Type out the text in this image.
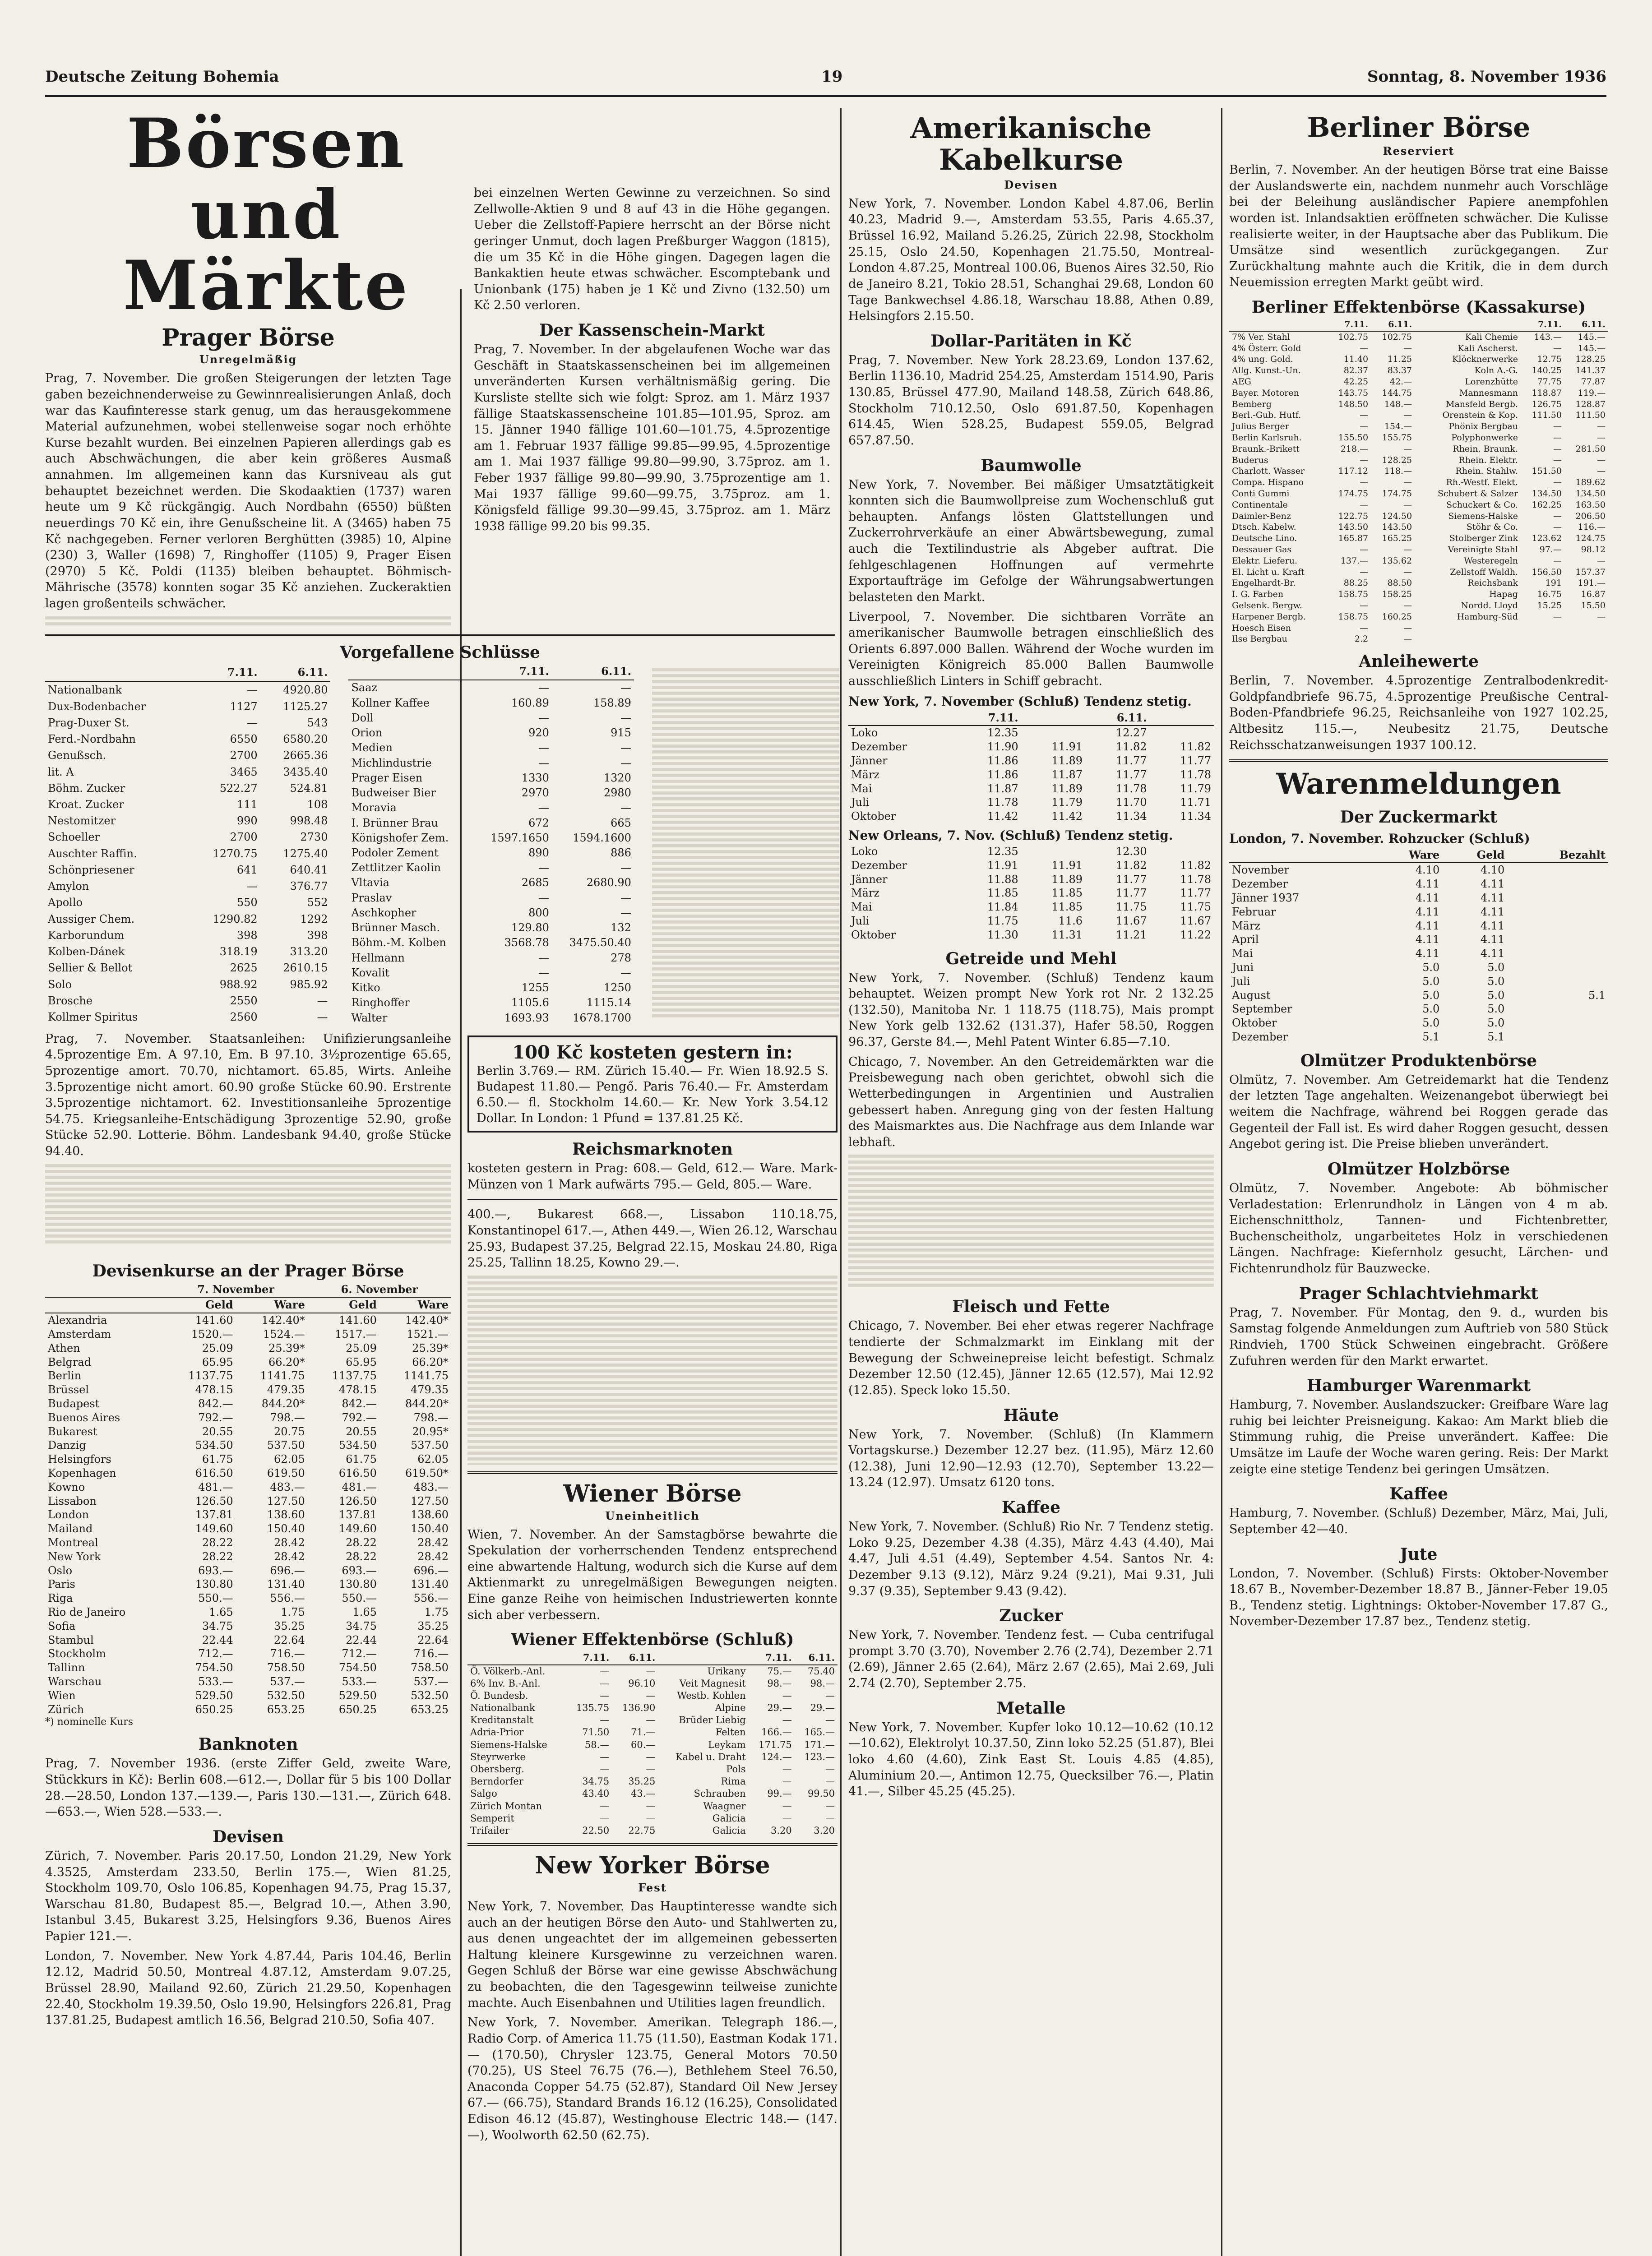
Deutsche Zeitung Bohemia	19	Sonntag, 8. November 1936
Börsen und Märkte
Prager Börse
Unregelmäßig

Prag, 7. November. Die großen Steigerungen der letzten Tage gaben bezeichnenderweise zu Gewinnrealisierungen Anlaß, doch war das Kaufinteresse stark genug, um das herausgekommene Material aufzunehmen, wobei stellenweise sogar noch erhöhte Kurse bezahlt wurden. Bei einzelnen Papieren allerdings gab es auch Abschwächungen, die aber kein größeres Ausmaß annahmen. Im allgemeinen kann das Kursniveau als gut behauptet bezeichnet werden. Die Skodaaktien (1737) waren heute um 9 Kč rückgängig. Auch Nordbahn (6550) büßten neuerdings 70 Kč ein, ihre Genußscheine lit. A (3465) haben 75 Kč nachgegeben. Ferner verloren Berghütten (3985) 10, Alpine (230) 3, Waller (1698) 7, Ringhoffer (1105) 9, Prager Eisen (2970) 5 Kč. Poldi (1135) bleiben behauptet. Böhmisch-Mährische (3578) konnten sogar 35 Kč anziehen. Zuckeraktien lagen großenteils schwächer.

Vorgefallene Schlüsse
	7.11.	6.11.
Nationalbank	—	4920.80
Dux-Bodenbacher	1127	1125.27
Prag-Duxer St.	—	543
Ferd.-Nordbahn	6550	6580.20
Genußsch.	2700	2665.36
lit. A	3465	3435.40
Böhm. Zucker	522.27	524.81
Kroat. Zucker	111	108
Nestomitzer	990	998.48
Schoeller	2700	2730
Auschter Raffin.	1270.75	1275.40
Schönpriesener	641	640.41
Amylon	—	376.77
Apollo	550	552
Aussiger Chem.	1290.82	1292
Karborundum	398	398
Kolben-Dánek	318.19	313.20
Sellier & Bellot	2625	2610.15
Solo	988.92	985.92
Brosche	2550	—
Kollmer Spiritus	2560	—
	7.11.	6.11.
Saaz	—	—
Kollner Kaffee	160.89	158.89
Doll	—	—
Orion	920	915
Medien	—	—
Michlindustrie	—	—
Prager Eisen	1330	1320
Budweiser Bier	2970	2980
Moravia	—	—
I. Brünner Brau	672	665
Königshofer Zem.	1597.1650	1594.1600
Podoler Zement	890	886
Zettlitzer Kaolin	—	—
Vltavia	2685	2680.90
Praslav	—	—
Aschkopher	800	—
Brünner Masch.	129.80	132
Böhm.-M. Kolben	3568.78	3475.50.40
Hellmann	—	278
Kovalit	—	—
Kitko	1255	1250
Ringhoffer	1105.6	1115.14
Walter	1693.93	1678.1700

Prag, 7. November. Staatsanleihen: Unifizierungsanleihe 4.5prozentige Em. A 97.10, Em. B 97.10. 3½prozentige 65.65, 5prozentige amort. 70.70, nichtamort. 65.85, Wirts. Anleihe 3.5prozentige nicht amort. 60.90 große Stücke 60.90. Erstrente 3.5prozentige nichtamort. 62. Investitionsanleihe 5prozentige 54.75. Kriegsanleihe-Entschädigung 3prozentige 52.90, große Stücke 52.90. Lotterie. Böhm. Landesbank 94.40, große Stücke 94.40.

Devisenkurse an der Prager Börse
	7. November		6. November	
	Geld	Ware	Geld	Ware
Alexandria	141.60	142.40*	141.60	142.40*
Amsterdam	1520.—	1524.—	1517.—	1521.—
Athen	25.09	25.39*	25.09	25.39*
Belgrad	65.95	66.20*	65.95	66.20*
Berlin	1137.75	1141.75	1137.75	1141.75
Brüssel	478.15	479.35	478.15	479.35
Budapest	842.—	844.20*	842.—	844.20*
Buenos Aires	792.—	798.—	792.—	798.—
Bukarest	20.55	20.75	20.55	20.95*
Danzig	534.50	537.50	534.50	537.50
Helsingfors	61.75	62.05	61.75	62.05
Kopenhagen	616.50	619.50	616.50	619.50*
Kowno	481.—	483.—	481.—	483.—
Lissabon	126.50	127.50	126.50	127.50
London	137.81	138.60	137.81	138.60
Mailand	149.60	150.40	149.60	150.40
Montreal	28.22	28.42	28.22	28.42
New York	28.22	28.42	28.22	28.42
Oslo	693.—	696.—	693.—	696.—
Paris	130.80	131.40	130.80	131.40
Riga	550.—	556.—	550.—	556.—
Rio de Janeiro	1.65	1.75	1.65	1.75
Sofia	34.75	35.25	34.75	35.25
Stambul	22.44	22.64	22.44	22.64
Stockholm	712.—	716.—	712.—	716.—
Tallinn	754.50	758.50	754.50	758.50
Warschau	533.—	537.—	533.—	537.—
Wien	529.50	532.50	529.50	532.50
Zürich	650.25	653.25	650.25	653.25
*) nominelle Kurs
Banknoten

Prag, 7. November 1936. (erste Ziffer Geld, zweite Ware, Stückkurs in Kč): Berlin 608.—612.—, Dollar für 5 bis 100 Dollar 28.—28.50, London 137.—139.—, Paris 130.—131.—, Zürich 648.—653.—, Wien 528.—533.—.

Devisen

Zürich, 7. November. Paris 20.17.50, London 21.29, New York 4.3525, Amsterdam 233.50, Berlin 175.—, Wien 81.25, Stockholm 109.70, Oslo 106.85, Kopenhagen 94.75, Prag 15.37, Warschau 81.80, Budapest 85.—, Belgrad 10.—, Athen 3.90, Istanbul 3.45, Bukarest 3.25, Helsingfors 9.36, Buenos Aires Papier 121.—.

London, 7. November. New York 4.87.44, Paris 104.46, Berlin 12.12, Madrid 50.50, Montreal 4.87.12, Amsterdam 9.07.25, Brüssel 28.90, Mailand 92.60, Zürich 21.29.50, Kopenhagen 22.40, Stockholm 19.39.50, Oslo 19.90, Helsingfors 226.81, Prag 137.81.25, Budapest amtlich 16.56, Belgrad 210.50, Sofia 407.

100 Kč kosteten gestern in:
Berlin 3.769.— RM. Zürich 15.40.— Fr. Wien 18.92.5 S. Budapest 11.80.— Pengő. Paris 76.40.— Fr. Amsterdam 6.50.— fl. Stockholm 14.60.— Kr. New York 3.54.12 Dollar. In London: 1 Pfund = 137.81.25 Kč.
Reichsmarknoten

kosteten gestern in Prag: 608.— Geld, 612.— Ware. Mark-Münzen von 1 Mark aufwärts 795.— Geld, 805.— Ware.

400.—, Bukarest 668.—, Lissabon 110.18.75, Konstantinopel 617.—, Athen 449.—, Wien 26.12, Warschau 25.93, Budapest 37.25, Belgrad 22.15, Moskau 24.80, Riga 25.25, Tallinn 18.25, Kowno 29.—.

Wiener Börse
Uneinheitlich

Wien, 7. November. An der Samstagbörse bewahrte die Spekulation der vorherrschenden Tendenz entsprechend eine abwartende Haltung, wodurch sich die Kurse auf dem Aktienmarkt zu unregelmäßigen Bewegungen neigten. Eine ganze Reihe von heimischen Industriewerten konnte sich aber verbessern.

Wiener Effektenbörse (Schluß)
	7.11.	6.11.		7.11.	6.11.
Ö. Völkerb.-Anl.	—	—	Urikany	75.—	75.40
6% Inv. B.-Anl.	—	96.10	Veit Magnesit	98.—	98.—
Ö. Bundesb.	—	—	Westb. Kohlen	—	—
Nationalbank	135.75	136.90	Alpine	29.—	29.—
Kreditanstalt	—	—	Brüder Liebig	—	—
Adria-Prior	71.50	71.—	Felten	166.—	165.—
Siemens-Halske	58.—	60.—	Leykam	171.75	171.—
Steyrwerke	—	—	Kabel u. Draht	124.—	123.—
Obersberg.	—	—	Pols	—	—
Berndorfer	34.75	35.25	Rima	—	—
Salgo	43.40	43.—	Schrauben	99.—	99.50
Zürich Montan	—	—	Waagner	—	—
Semperit	—	—	Galicia	—	—
Trifailer	22.50	22.75	Galicia	3.20	3.20
New Yorker Börse
Fest

New York, 7. November. Das Hauptinteresse wandte sich auch an der heutigen Börse den Auto- und Stahlwerten zu, aus denen ungeachtet der im allgemeinen gebesserten Haltung kleinere Kursgewinne zu verzeichnen waren. Gegen Schluß der Börse war eine gewisse Abschwächung zu beobachten, die den Tagesgewinn teilweise zunichte machte. Auch Eisenbahnen und Utilities lagen freundlich.

New York, 7. November. Amerikan. Telegraph 186.—, Radio Corp. of America 11.75 (11.50), Eastman Kodak 171.— (170.50), Chrysler 123.75, General Motors 70.50 (70.25), US Steel 76.75 (76.—), Bethlehem Steel 76.50, Anaconda Copper 54.75 (52.87), Standard Oil New Jersey 67.— (66.75), Standard Brands 16.12 (16.25), Consolidated Edison 46.12 (45.87), Westinghouse Electric 148.— (147.—), Woolworth 62.50 (62.75).

bei einzelnen Werten Gewinne zu verzeichnen. So sind Zellwolle-Aktien 9 und 8 auf 43 in die Höhe gegangen. Ueber die Zellstoff-Papiere herrscht an der Börse nicht geringer Unmut, doch lagen Preßburger Waggon (1815), die um 35 Kč in die Höhe gingen. Dagegen lagen die Bankaktien heute etwas schwächer. Escomptebank und Unionbank (175) haben je 1 Kč und Zivno (132.50) um Kč 2.50 verloren.

Der Kassenschein-Markt

Prag, 7. November. In der abgelaufenen Woche war das Geschäft in Staatskassenscheinen bei im allgemeinen unveränderten Kursen verhältnismäßig gering. Die Kursliste stellte sich wie folgt: Sproz. am 1. März 1937 fällige Staatskassenscheine 101.85—101.95, Sproz. am 15. Jänner 1940 fällige 101.60—101.75, 4.5prozentige am 1. Februar 1937 fällige 99.85—99.95, 4.5prozentige am 1. Mai 1937 fällige 99.80—99.90, 3.75proz. am 1. Feber 1937 fällige 99.80—99.90, 3.75prozentige am 1. Mai 1937 fällige 99.60—99.75, 3.75proz. am 1. Königsfeld fällige 99.30—99.45, 3.75proz. am 1. März 1938 fällige 99.20 bis 99.35.

Amerikanische Kabelkurse
Devisen

New York, 7. November. London Kabel 4.87.06, Berlin 40.23, Madrid 9.—, Amsterdam 53.55, Paris 4.65.37, Brüssel 16.92, Mailand 5.26.25, Zürich 22.98, Stockholm 25.15, Oslo 24.50, Kopenhagen 21.75.50, Montreal-London 4.87.25, Montreal 100.06, Buenos Aires 32.50, Rio de Janeiro 8.21, Tokio 28.51, Schanghai 29.68, London 60 Tage Bankwechsel 4.86.18, Warschau 18.88, Athen 0.89, Helsingfors 2.15.50.

Dollar-Paritäten in Kč

Prag, 7. November. New York 28.23.69, London 137.62, Berlin 1136.10, Madrid 254.25, Amsterdam 1514.90, Paris 130.85, Brüssel 477.90, Mailand 148.58, Zürich 648.86, Stockholm 710.12.50, Oslo 691.87.50, Kopenhagen 614.45, Wien 528.25, Budapest 559.05, Belgrad 657.87.50.

Baumwolle

New York, 7. November. Bei mäßiger Umsatztätigkeit konnten sich die Baumwollpreise zum Wochenschluß gut behaupten. Anfangs lösten Glattstellungen und Zuckerrohrverkäufe an einer Abwärtsbewegung, zumal auch die Textilindustrie als Abgeber auftrat. Die fehlgeschlagenen Hoffnungen auf vermehrte Exportaufträge im Gefolge der Währungsabwertungen belasteten den Markt.

Liverpool, 7. November. Die sichtbaren Vorräte an amerikanischer Baumwolle betragen einschließlich des Orients 6.897.000 Ballen. Während der Woche wurden im Vereinigten Königreich 85.000 Ballen Baumwolle ausschließlich Linters in Schiff gebracht.

New York, 7. November (Schluß) Tendenz stetig.
	7.11.		6.11.	
Loko	12.35		12.27	
Dezember	11.90	11.91	11.82	11.82
Jänner	11.86	11.89	11.77	11.77
März	11.86	11.87	11.77	11.78
Mai	11.87	11.89	11.78	11.79
Juli	11.78	11.79	11.70	11.71
Oktober	11.42	11.42	11.34	11.34
New Orleans, 7. Nov. (Schluß) Tendenz stetig.
Loko	12.35		12.30	
Dezember	11.91	11.91	11.82	11.82
Jänner	11.88	11.89	11.77	11.78
März	11.85	11.85	11.77	11.77
Mai	11.84	11.85	11.75	11.75
Juli	11.75	11.6	11.67	11.67
Oktober	11.30	11.31	11.21	11.22
Getreide und Mehl

New York, 7. November. (Schluß) Tendenz kaum behauptet. Weizen prompt New York rot Nr. 2 132.25 (132.50), Manitoba Nr. 1 118.75 (118.75), Mais prompt New York gelb 132.62 (131.37), Hafer 58.50, Roggen 96.37, Gerste 84.—, Mehl Patent Winter 6.85—7.10.

Chicago, 7. November. An den Getreidemärkten war die Preisbewegung nach oben gerichtet, obwohl sich die Wetterbedingungen in Argentinien und Australien gebessert haben. Anregung ging von der festen Haltung des Maismarktes aus. Die Nachfrage aus dem Inlande war lebhaft.

Fleisch und Fette

Chicago, 7. November. Bei eher etwas regerer Nachfrage tendierte der Schmalzmarkt im Einklang mit der Bewegung der Schweinepreise leicht befestigt. Schmalz Dezember 12.50 (12.45), Jänner 12.65 (12.57), Mai 12.92 (12.85). Speck loko 15.50.

Häute

New York, 7. November. (Schluß) (In Klammern Vortagskurse.) Dezember 12.27 bez. (11.95), März 12.60 (12.38), Juni 12.90—12.93 (12.70), September 13.22—13.24 (12.97). Umsatz 6120 tons.

Kaffee

New York, 7. November. (Schluß) Rio Nr. 7 Tendenz stetig. Loko 9.25, Dezember 4.38 (4.35), März 4.43 (4.40), Mai 4.47, Juli 4.51 (4.49), September 4.54. Santos Nr. 4: Dezember 9.13 (9.12), März 9.24 (9.21), Mai 9.31, Juli 9.37 (9.35), September 9.43 (9.42).

Zucker

New York, 7. November. Tendenz fest. — Cuba centrifugal prompt 3.70 (3.70), November 2.76 (2.74), Dezember 2.71 (2.69), Jänner 2.65 (2.64), März 2.67 (2.65), Mai 2.69, Juli 2.74 (2.70), September 2.75.

Metalle

New York, 7. November. Kupfer loko 10.12—10.62 (10.12—10.62), Elektrolyt 10.37.50, Zinn loko 52.25 (51.87), Blei loko 4.60 (4.60), Zink East St. Louis 4.85 (4.85), Aluminium 20.—, Antimon 12.75, Quecksilber 76.—, Platin 41.—, Silber 45.25 (45.25).

Berliner Börse
Reserviert

Berlin, 7. November. An der heutigen Börse trat eine Baisse der Auslandswerte ein, nachdem nunmehr auch Vorschläge bei der Beleihung ausländischer Papiere anempfohlen worden ist. Inlandsaktien eröffneten schwächer. Die Kulisse realisierte weiter, in der Hauptsache aber das Publikum. Die Umsätze sind wesentlich zurückgegangen. Zur Zurückhaltung mahnte auch die Kritik, die in dem durch Neuemission erregten Markt geübt wird.

Berliner Effektenbörse (Kassakurse)
	7.11.	6.11.		7.11.	6.11.
7% Ver. Stahl	102.75	102.75	Kali Chemie	143.—	145.—
4% Österr. Gold	—	—	Kali Ascherst.	—	145.—
4% ung. Gold.	11.40	11.25	Klöcknerwerke	12.75	128.25
Allg. Kunst.-Un.	82.37	83.37	Koln A.-G.	140.25	141.37
AEG	42.25	42.—	Lorenzhütte	77.75	77.87
Bayer. Motoren	143.75	144.75	Mannesmann	118.87	119.—
Bemberg	148.50	148.—	Mansfeld Bergb.	126.75	128.87
Berl.-Gub. Hutf.	—	—	Orenstein & Kop.	111.50	111.50
Julius Berger	—	154.—	Phönix Bergbau	—	—
Berlin Karlsruh.	155.50	155.75	Polyphonwerke	—	—
Braunk.-Brikett	218.—	—	Rhein. Braunk.	—	281.50
Buderus	—	128.25	Rhein. Elektr.	—	—
Charlott. Wasser	117.12	118.—	Rhein. Stahlw.	151.50	—
Compa. Hispano	—	—	Rh.-Westf. Elekt.	—	189.62
Conti Gummi	174.75	174.75	Schubert & Salzer	134.50	134.50
Continentale	—	—	Schuckert & Co.	162.25	163.50
Daimler-Benz	122.75	124.50	Siemens-Halske	—	206.50
Dtsch. Kabelw.	143.50	143.50	Stöhr & Co.	—	116.—
Deutsche Lino.	165.87	165.25	Stolberger Zink	123.62	124.75
Dessauer Gas	—	—	Vereinigte Stahl	97.—	98.12
Elektr. Lieferu.	137.—	135.62	Westeregeln	—	—
El. Licht u. Kraft	—	—	Zellstoff Waldh.	156.50	157.37
Engelhardt-Br.	88.25	88.50	Reichsbank	191	191.—
I. G. Farben	158.75	158.25	Hapag	16.75	16.87
Gelsenk. Bergw.	—	—	Nordd. Lloyd	15.25	15.50
Harpener Bergb.	158.75	160.25	Hamburg-Süd	—	—
Hoesch Eisen	—	—			
Ilse Bergbau	2.2	—			
Anleihewerte

Berlin, 7. November. 4.5prozentige Zentralbodenkredit-Goldpfandbriefe 96.75, 4.5prozentige Preußische Central-Boden-Pfandbriefe 96.25, Reichsanleihe von 1927 102.25, Altbesitz 115.—, Neubesitz 21.75, Deutsche Reichsschatzanweisungen 1937 100.12.

Warenmeldungen
Der Zuckermarkt
London, 7. November. Rohzucker (Schluß)
	Ware	Geld	Bezahlt
November	4.10	4.10	
Dezember	4.11	4.11	
Jänner 1937	4.11	4.11	
Februar	4.11	4.11	
März	4.11	4.11	
April	4.11	4.11	
Mai	4.11	4.11	
Juni	5.0	5.0	
Juli	5.0	5.0	
August	5.0	5.0	5.1
September	5.0	5.0	
Oktober	5.0	5.0	
Dezember	5.1	5.1	
Olmützer Produktenbörse

Olmütz, 7. November. Am Getreidemarkt hat die Tendenz der letzten Tage angehalten. Weizenangebot überwiegt bei weitem die Nachfrage, während bei Roggen gerade das Gegenteil der Fall ist. Es wird daher Roggen gesucht, dessen Angebot gering ist. Die Preise blieben unverändert.

Olmützer Holzbörse

Olmütz, 7. November. Angebote: Ab böhmischer Verladestation: Erlenrundholz in Längen von 4 m ab. Eichenschnittholz, Tannen- und Fichtenbretter, Buchenscheitholz, ungarbeitetes Holz in verschiedenen Längen. Nachfrage: Kiefernholz gesucht, Lärchen- und Fichtenrundholz für Bauzwecke.

Prager Schlachtviehmarkt

Prag, 7. November. Für Montag, den 9. d., wurden bis Samstag folgende Anmeldungen zum Auftrieb von 580 Stück Rindvieh, 1700 Stück Schweinen eingebracht. Größere Zufuhren werden für den Markt erwartet.

Hamburger Warenmarkt

Hamburg, 7. November. Auslandszucker: Greifbare Ware lag ruhig bei leichter Preisneigung. Kakao: Am Markt blieb die Stimmung ruhig, die Preise unverändert. Kaffee: Die Umsätze im Laufe der Woche waren gering. Reis: Der Markt zeigte eine stetige Tendenz bei geringen Umsätzen.

Kaffee

Hamburg, 7. November. (Schluß) Dezember, März, Mai, Juli, September 42—40.

Jute

London, 7. November. (Schluß) Firsts: Oktober-November 18.67 B., November-Dezember 18.87 B., Jänner-Feber 19.05 B., Tendenz stetig. Lightnings: Oktober-November 17.87 G., November-Dezember 17.87 bez., Tendenz stetig.
